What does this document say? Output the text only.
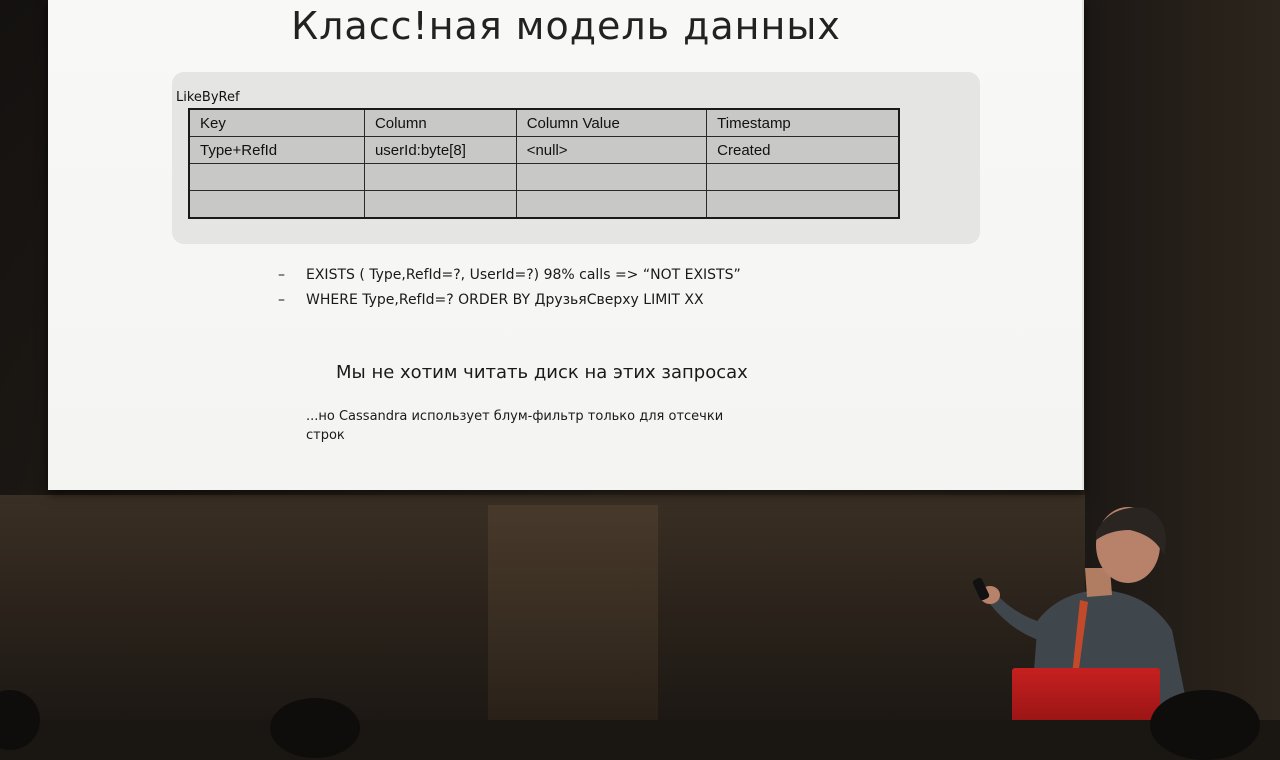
Класс!ная модель данных
LikeByRef
Key	Column	Column Value	Timestamp
Type+RefId	userId:byte[8]	<null>	Created

–	EXISTS ( Type,RefId=?, UserId=?) 98% calls => “NOT EXISTS”
–	WHERE Type,RefId=? ORDER BY ДрузьяСверху LIMIT XX
Мы не хотим читать диск на этих запросах
...но Cassandra использует блум-фильтр только для отсечки
строк
